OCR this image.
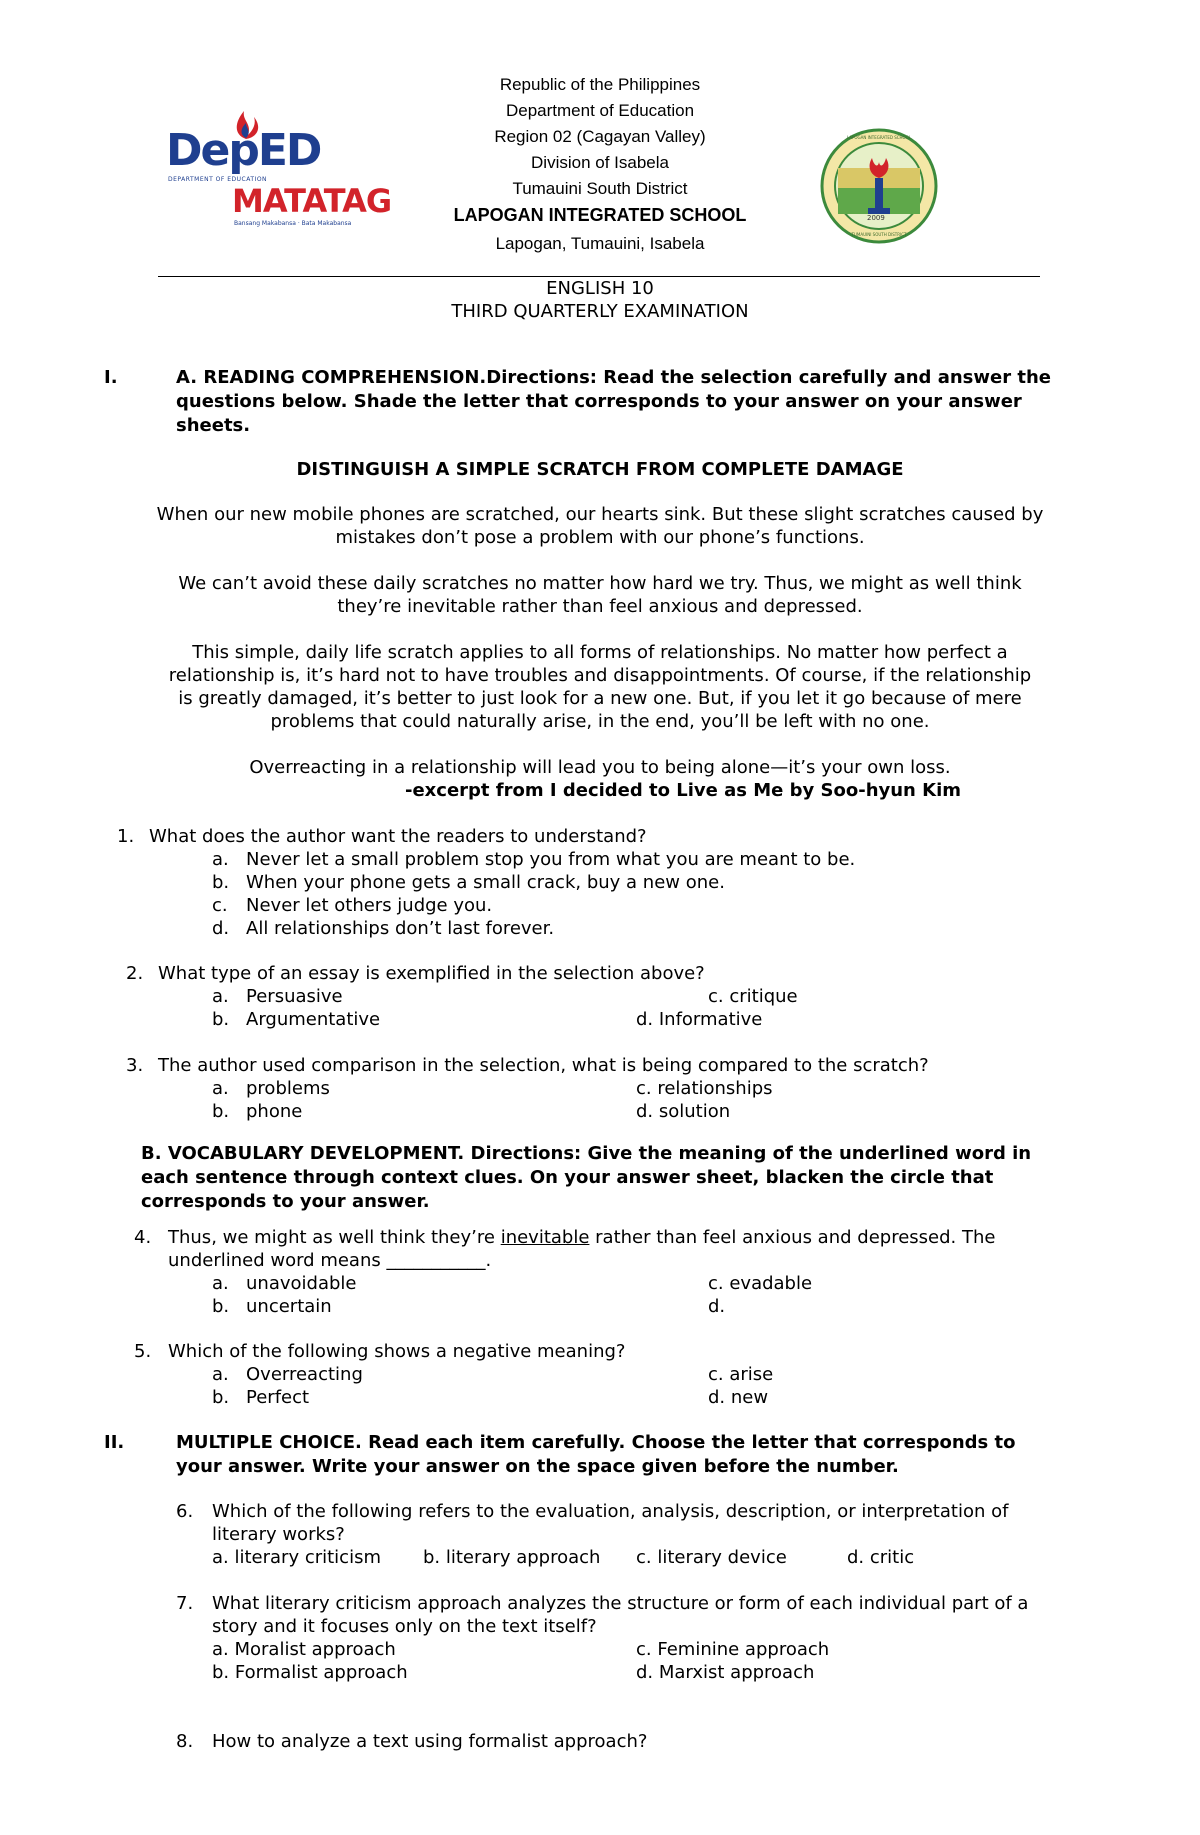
DepED
DEPARTMENT OF EDUCATION
MATATAG
Bansang Makabansa · Bata Makabansa
2009
LAPOGAN INTEGRATED SCHOOL
TUMAUINI SOUTH DISTRICT
Republic of the Philippines
Department of Education
Region 02 (Cagayan Valley)
Division of Isabela
Tumauini South District
LAPOGAN INTEGRATED SCHOOL
Lapogan, Tumauini, Isabela
ENGLISH 10
THIRD QUARTERLY EXAMINATION
I.	A. READING COMPREHENSION.Directions: Read the selection carefully and answer the
questions below. Shade the letter that corresponds to your answer on your answer
sheets.
DISTINGUISH A SIMPLE SCRATCH FROM COMPLETE DAMAGE
When our new mobile phones are scratched, our hearts sink. But these slight scratches caused by
mistakes don’t pose a problem with our phone’s functions.
We can’t avoid these daily scratches no matter how hard we try. Thus, we might as well think
they’re inevitable rather than feel anxious and depressed.
This simple, daily life scratch applies to all forms of relationships. No matter how perfect a
relationship is, it’s hard not to have troubles and disappointments. Of course, if the relationship
is greatly damaged, it’s better to just look for a new one. But, if you let it go because of mere
problems that could naturally arise, in the end, you’ll be left with no one.
Overreacting in a relationship will lead you to being alone—it’s your own loss.
-excerpt from I decided to Live as Me by Soo-hyun Kim
1. What does the author want the readers to understand?
a. Never let a small problem stop you from what you are meant to be.
b. When your phone gets a small crack, buy a new one.
c. Never let others judge you.
d. All relationships don’t last forever.
2. What type of an essay is exemplified in the selection above?
a. Persuasive	c. critique
b. Argumentative	d. Informative
3. The author used comparison in the selection, what is being compared to the scratch?
a. problems	c. relationships
b. phone	d. solution
B. VOCABULARY DEVELOPMENT. Directions: Give the meaning of the underlined word in
each sentence through context clues. On your answer sheet, blacken the circle that
corresponds to your answer.
4. Thus, we might as well think they’re inevitable rather than feel anxious and depressed. The
underlined word means ___________.
a. unavoidable	c. evadable
b. uncertain	d.
5. Which of the following shows a negative meaning?
a. Overreacting	c. arise
b. Perfect	d. new
II.	MULTIPLE CHOICE. Read each item carefully. Choose the letter that corresponds to
your answer. Write your answer on the space given before the number.
6. Which of the following refers to the evaluation, analysis, description, or interpretation of
literary works?
a. literary criticism b. literary approach c. literary device	d. critic
7. What literary criticism approach analyzes the structure or form of each individual part of a
story and it focuses only on the text itself?
a. Moralist approach	c. Feminine approach
b. Formalist approach	d. Marxist approach
8. How to analyze a text using formalist approach?
